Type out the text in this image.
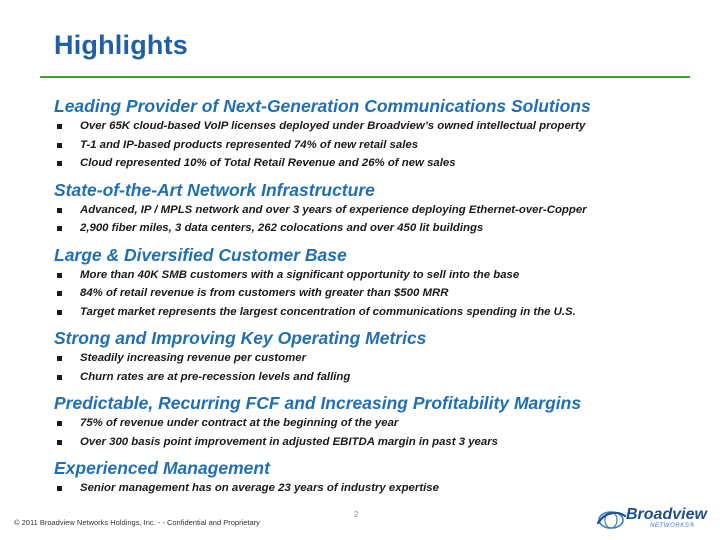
Highlights
Leading Provider of Next-Generation Communications Solutions
Over 65K cloud-based VoIP licenses deployed under Broadview’s owned intellectual property
T-1 and IP-based products represented 74% of new retail sales
Cloud represented 10% of Total Retail Revenue and 26% of new sales
State-of-the-Art Network Infrastructure
Advanced, IP / MPLS network and over 3 years of experience deploying Ethernet-over-Copper
2,900 fiber miles, 3 data centers, 262 colocations and over 450 lit buildings
Large & Diversified Customer Base
More than 40K SMB customers with a significant opportunity to sell into the base
84% of retail revenue is from customers with greater than $500 MRR
Target market represents the largest concentration of communications spending in the U.S.
Strong and Improving Key Operating Metrics
Steadily increasing revenue per customer
Churn rates are at pre-recession levels and falling
Predictable, Recurring FCF and Increasing Profitability Margins
75% of revenue under contract at the beginning of the year
Over 300 basis point improvement in adjusted EBITDA margin in past 3 years
Experienced Management
Senior management has on average 23 years of industry expertise
2
© 2011 Broadview Networks Holdings, Inc. - - Confidential and Proprietary	Broadview
NETWORKS®
